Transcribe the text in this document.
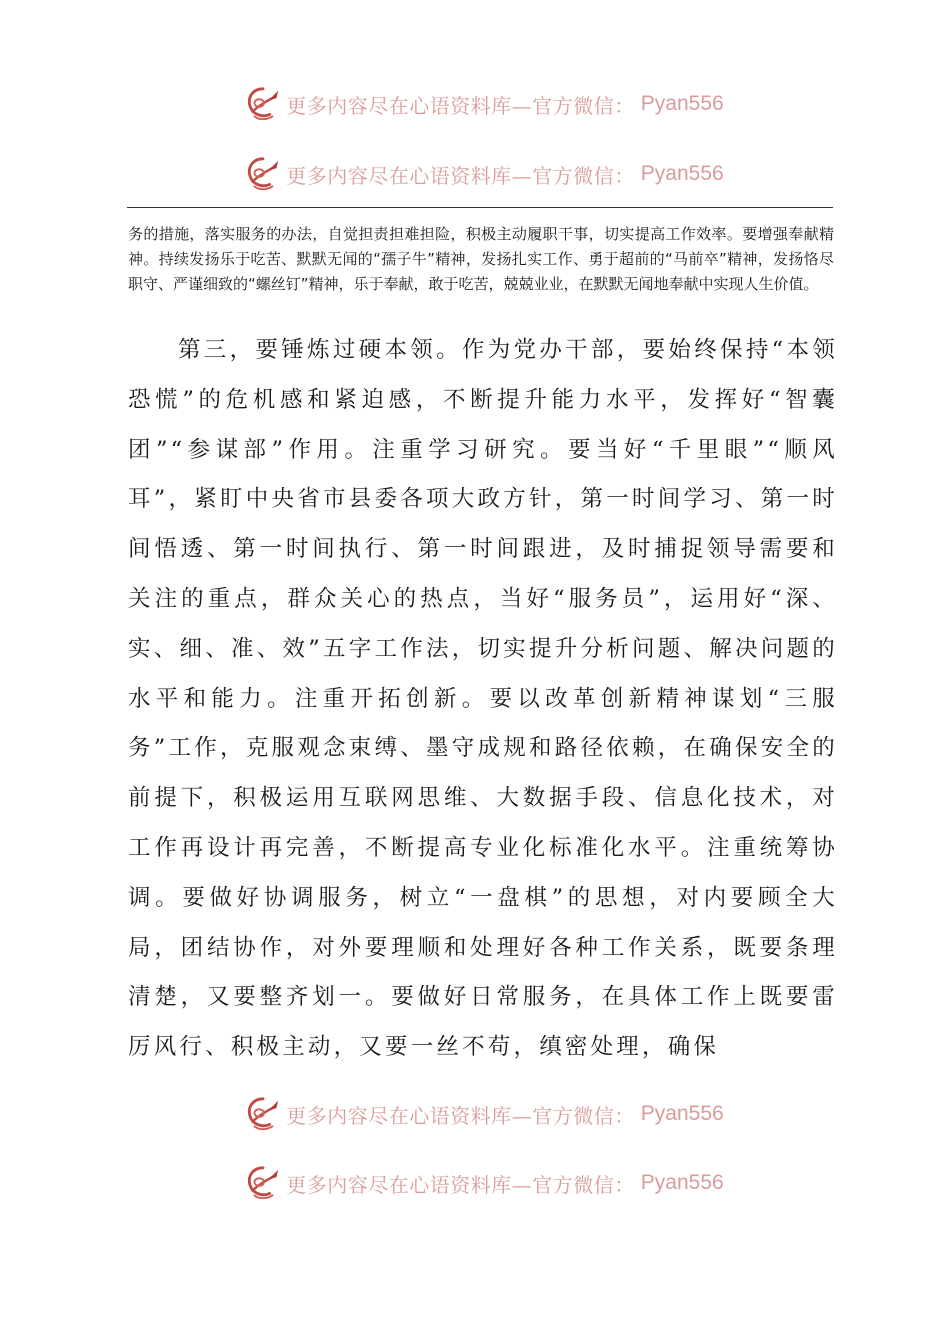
更多内容尽在心语资料库—官方微信： Pyan556
更多内容尽在心语资料库—官方微信： Pyan556

务的措施，落实服务的办法，自觉担责担难担险，积极主动履职干事，切实提高工作效率。要增强奉献精神。持续发扬乐于吃苦、默默无闻的“孺子牛”精神，发扬扎实工作、勇于超前的“马前卒”精神，发扬恪尽职守、严谨细致的“螺丝钉”精神，乐于奉献，敢于吃苦，兢兢业业，在默默无闻地奉献中实现人生价值。

第三，要锤炼过硬本领。作为党办干部，要始终保持“本领恐慌”的危机感和紧迫感，不断提升能力水平，发挥好“智囊团”“参谋部”作用。注重学习研究。要当好“千里眼”“顺风耳”，紧盯中央省市县委各项大政方针，第一时间学习、第一时间悟透、第一时间执行、第一时间跟进，及时捕捉领导需要和关注的重点，群众关心的热点，当好“服务员”，运用好“深、实、细、准、效”五字工作法，切实提升分析问题、解决问题的水平和能力。注重开拓创新。要以改革创新精神谋划“三服务”工作，克服观念束缚、墨守成规和路径依赖，在确保安全的前提下，积极运用互联网思维、大数据手段、信息化技术，对工作再设计再完善，不断提高专业化标准化水平。注重统筹协调。要做好协调服务，树立“一盘棋”的思想，对内要顾全大局，团结协作，对外要理顺和处理好各种工作关系，既要条理清楚，又要整齐划一。要做好日常服务，在具体工作上既要雷厉风行、积极主动，又要一丝不苟，缜密处理，确保

更多内容尽在心语资料库—官方微信： Pyan556
更多内容尽在心语资料库—官方微信： Pyan556
